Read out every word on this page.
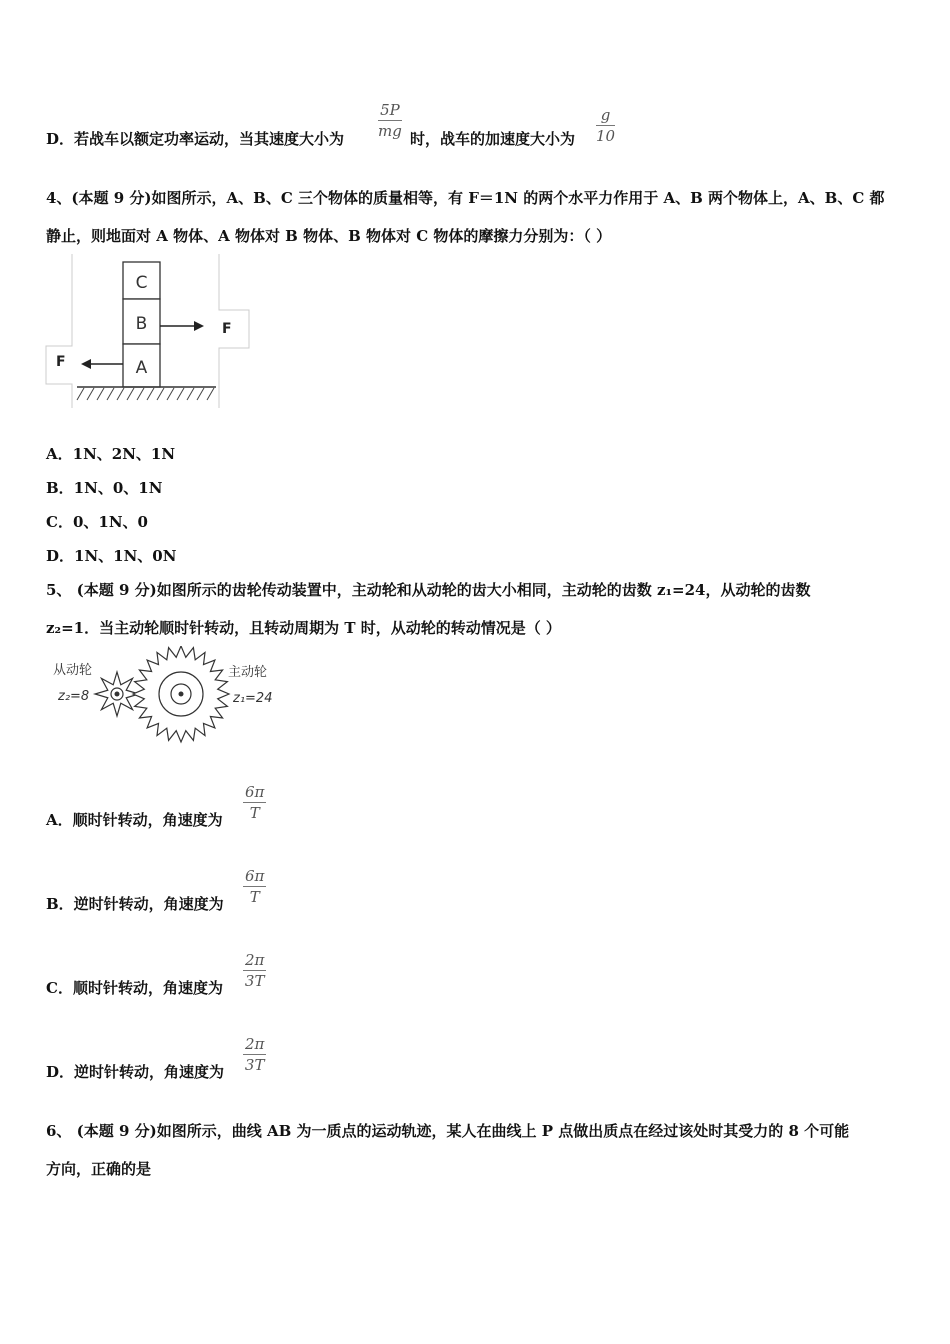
D．若战车以额定功率运动，当其速度大小为
5P
mg 时，战车的加速度大小为
g
10
4、(本题 9 分)如图所示，A、B、C 三个物体的质量相等，有 F＝1N 的两个水平力作用于 A、B 两个物体上，A、B、C 都
静止，则地面对 A 物体、A 物体对 B 物体、B 物体对 C 物体的摩擦力分别为：（ ）
C
B
A
F
F
A．1N、2N、1N
B．1N、0、1N
C．0、1N、0
D．1N、1N、0N
5、 (本题 9 分)如图所示的齿轮传动装置中，主动轮和从动轮的齿大小相同，主动轮的齿数 z₁=24，从动轮的齿数
z₂=1．当主动轮顺时针转动，且转动周期为 T 时，从动轮的转动情况是（ ）
从动轮
z₂=8
主动轮
z₁=24
A．顺时针转动，角速度为
6π
T
B．逆时针转动，角速度为
6π
T
C．顺时针转动，角速度为
2π
3T
D．逆时针转动，角速度为
2π
3T
6、 (本题 9 分)如图所示，曲线 AB 为一质点的运动轨迹，某人在曲线上 P 点做出质点在经过该处时其受力的 8 个可能
方向，正确的是
